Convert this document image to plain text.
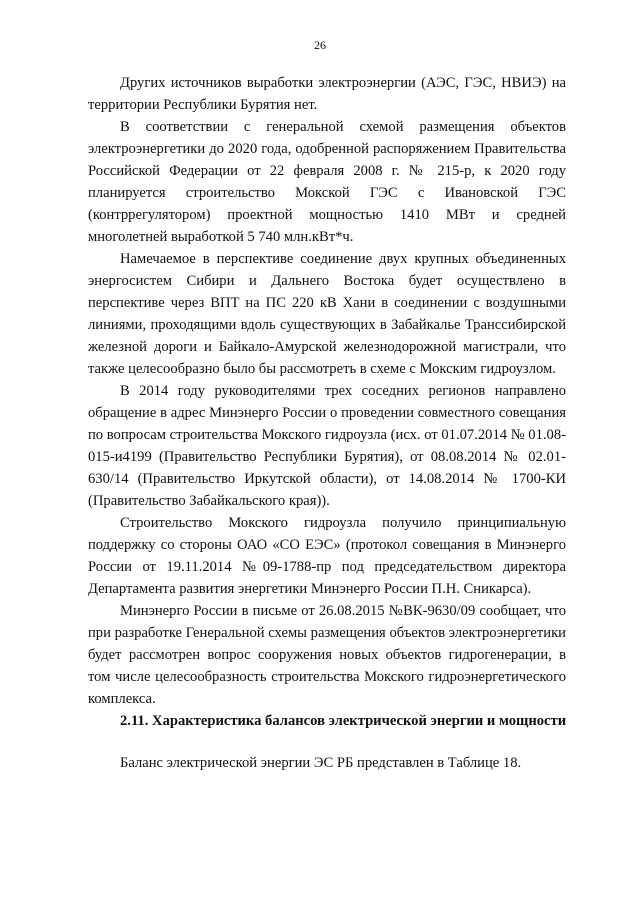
26

Других источников выработки электроэнергии (АЭС, ГЭС, НВИЭ) на территории Республики Бурятия нет.

В соответствии с генеральной схемой размещения объектов электроэнергетики до 2020 года, одобренной распоряжением Правительства Российской Федерации от 22 февраля 2008 г. № 215-р, к 2020 году планируется строительство Мокской ГЭС с Ивановской ГЭС (контррегулятором) проектной мощностью 1410 МВт и средней многолетней выработкой 5 740 млн.кВт*ч.

Намечаемое в перспективе соединение двух крупных объединенных энергосистем Сибири и Дальнего Востока будет осуществлено в перспективе через ВПТ на ПС 220 кВ Хани в соединении с воздушными линиями, проходящими вдоль существующих в Забайкалье Транссибирской железной дороги и Байкало-Амурской железнодорожной магистрали, что также целесообразно было бы рассмотреть в схеме с Мокским гидроузлом.

В 2014 году руководителями трех соседних регионов направлено обращение в адрес Минэнерго России о проведении совместного совещания по вопросам строительства Мокского гидроузла (исх. от 01.07.2014 № 01.08-015-и4199 (Правительство Республики Бурятия), от 08.08.2014 № 02.01-630/14 (Правительство Иркутской области), от 14.08.2014 № 1700-КИ (Правительство Забайкальского края)).

Строительство Мокского гидроузла получило принципиальную поддержку со стороны ОАО «СО ЕЭС» (протокол совещания в Минэнерго России от 19.11.2014 №09-1788-пр под председательством директора Департамента развития энергетики Минэнерго России П.Н. Сникарса).

Минэнерго России в письме от 26.08.2015 №ВК-9630/09 сообщает, что при разработке Генеральной схемы размещения объектов электроэнергетики будет рассмотрен вопрос сооружения новых объектов гидрогенерации, в том числе целесообразность строительства Мокского гидроэнергетического комплекса.

2.11. Характеристика балансов электрической энергии и мощности

Баланс электрической энергии ЭС РБ представлен в Таблице 18.
